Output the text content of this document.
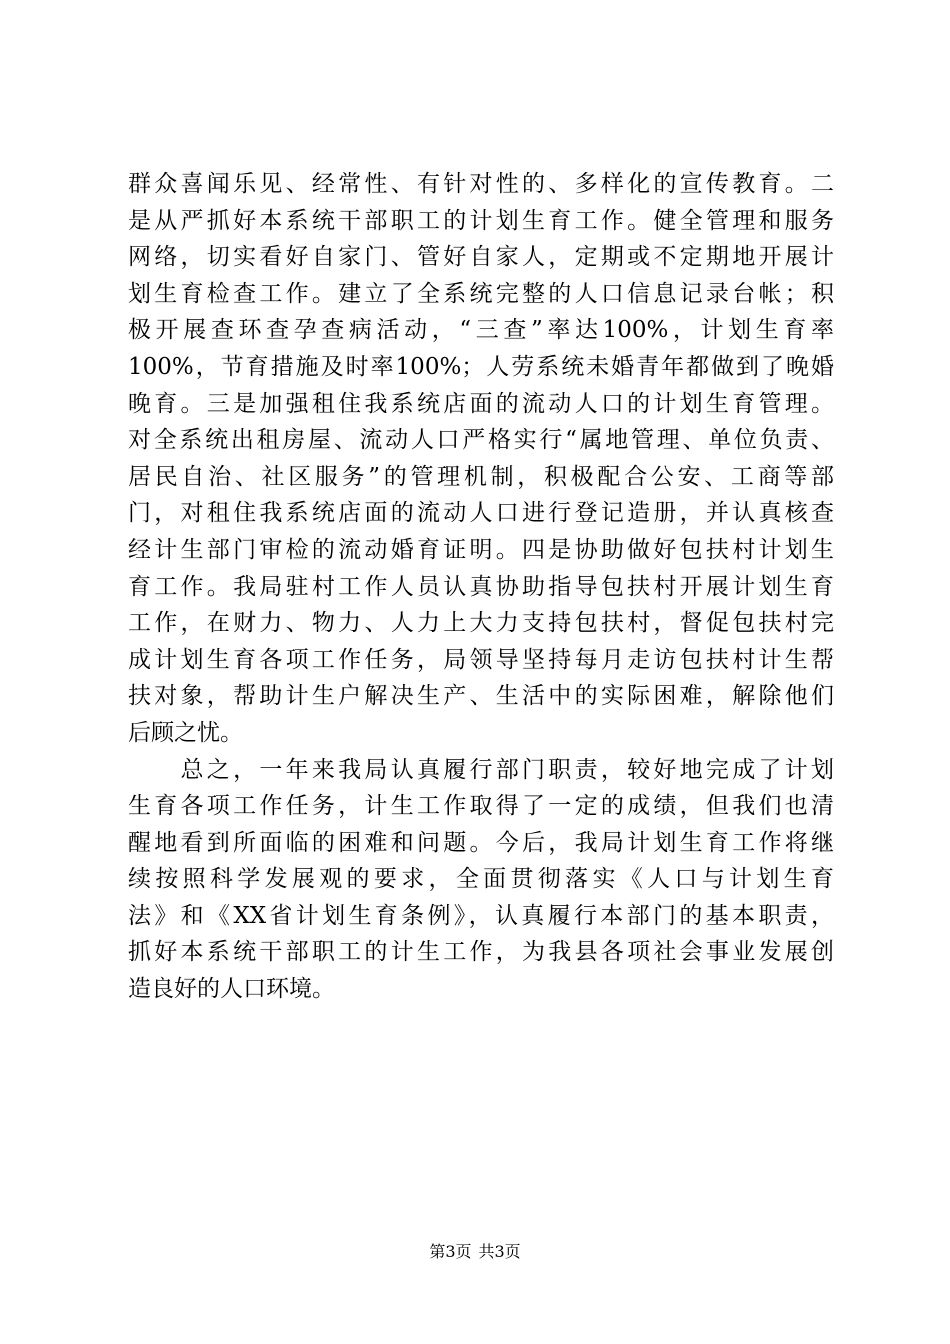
群众喜闻乐见、经常性、有针对性的、多样化的宣传教育。二
是从严抓好本系统干部职工的计划生育工作。健全管理和服务
网络，切实看好自家门、管好自家人，定期或不定期地开展计
划生育检查工作。建立了全系统完整的人口信息记录台帐；积
极开展查环查孕查病活动，“三查”率达100%，计划生育率
100%，节育措施及时率100%；人劳系统未婚青年都做到了晚婚
晚育。三是加强租住我系统店面的流动人口的计划生育管理。
对全系统出租房屋、流动人口严格实行“属地管理、单位负责、
居民自治、社区服务”的管理机制，积极配合公安、工商等部
门，对租住我系统店面的流动人口进行登记造册，并认真核查
经计生部门审检的流动婚育证明。四是协助做好包扶村计划生
育工作。我局驻村工作人员认真协助指导包扶村开展计划生育
工作，在财力、物力、人力上大力支持包扶村，督促包扶村完
成计划生育各项工作任务，局领导坚持每月走访包扶村计生帮
扶对象，帮助计生户解决生产、生活中的实际困难，解除他们
后顾之忧。
　　总之，一年来我局认真履行部门职责，较好地完成了计划
生育各项工作任务，计生工作取得了一定的成绩，但我们也清
醒地看到所面临的困难和问题。今后，我局计划生育工作将继
续按照科学发展观的要求，全面贯彻落实《人口与计划生育
法》和《XX省计划生育条例》，认真履行本部门的基本职责，
抓好本系统干部职工的计生工作，为我县各项社会事业发展创
造良好的人口环境。
第3页 共3页
